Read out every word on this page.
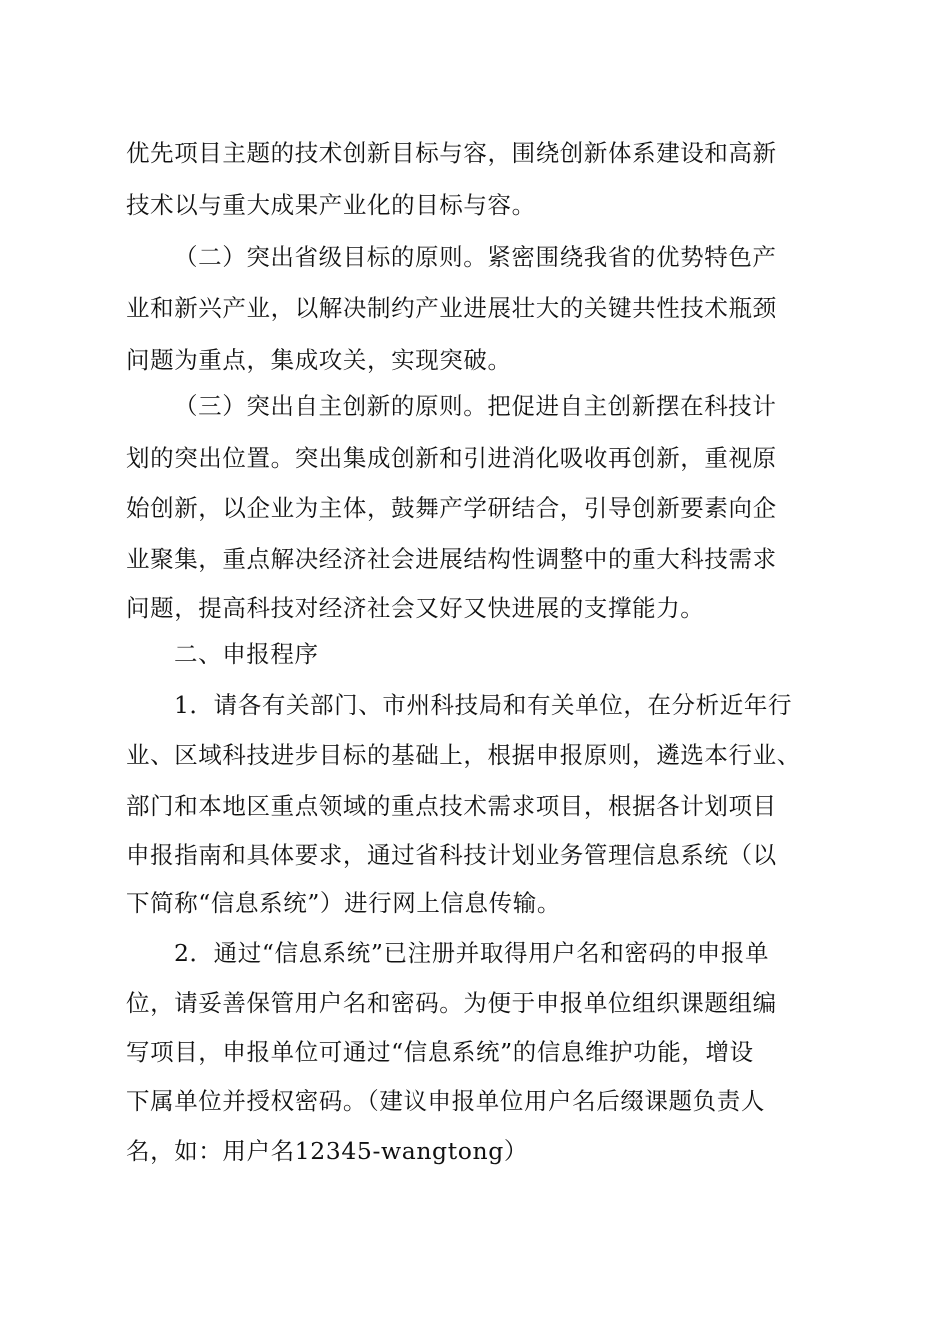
优先项目主题的技术创新目标与容，围绕创新体系建设和高新
技术以与重大成果产业化的目标与容。
（二）突出省级目标的原则。紧密围绕我省的优势特色产
业和新兴产业，以解决制约产业进展壮大的关键共性技术瓶颈
问题为重点，集成攻关，实现突破。
（三）突出自主创新的原则。把促进自主创新摆在科技计
划的突出位置。突出集成创新和引进消化吸收再创新，重视原
始创新，以企业为主体，鼓舞产学研结合，引导创新要素向企
业聚集，重点解决经济社会进展结构性调整中的重大科技需求
问题，提高科技对经济社会又好又快进展的支撑能力。
二、申报程序
1．请各有关部门、市州科技局和有关单位，在分析近年行
业、区域科技进步目标的基础上，根据申报原则，遴选本行业、
部门和本地区重点领域的重点技术需求项目，根据各计划项目
申报指南和具体要求，通过省科技计划业务管理信息系统（以
下简称“信息系统”）进行网上信息传输。
2．通过“信息系统”已注册并取得用户名和密码的申报单
位，请妥善保管用户名和密码。为便于申报单位组织课题组编
写项目，申报单位可通过“信息系统”的信息维护功能，增设
下属单位并授权密码。（建议申报单位用户名后缀课题负责人
名，如：用户名12345-wangtong）
